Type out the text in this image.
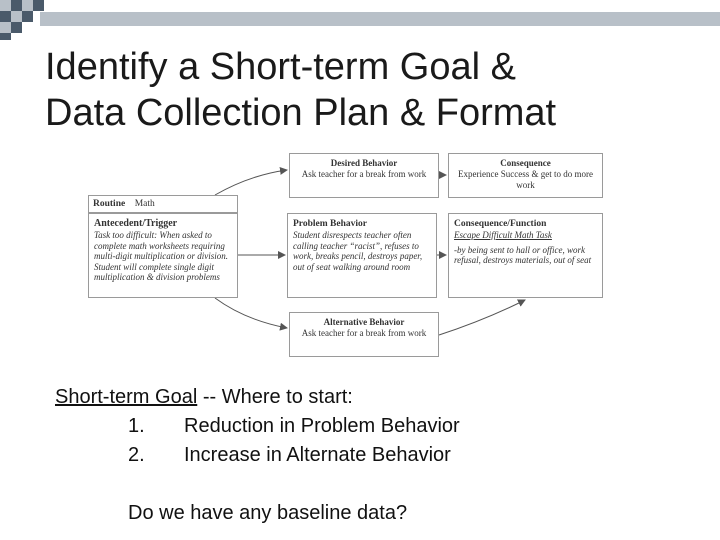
Identify a Short-term Goal &
Data Collection Plan & Format
Routine Math
Antecedent/Trigger
Task too difficult: When asked to complete math worksheets requiring multi-digit multiplication or division. Student will complete single digit multiplication & division problems
Problem Behavior
Student disrespects teacher often calling teacher “racist”, refuses to work, breaks pencil, destroys paper, out of seat walking around room
Desired Behavior
Ask teacher for a break from work
Consequence
Experience Success & get to do more work
Consequence/Function
Escape Difficult Math Task
-by being sent to hall or office, work refusal, destroys materials, out of seat
Alternative Behavior
Ask teacher for a break from work
Short-term Goal -- Where to start:
1. Reduction in Problem Behavior
2. Increase in Alternate Behavior
Do we have any baseline data?
